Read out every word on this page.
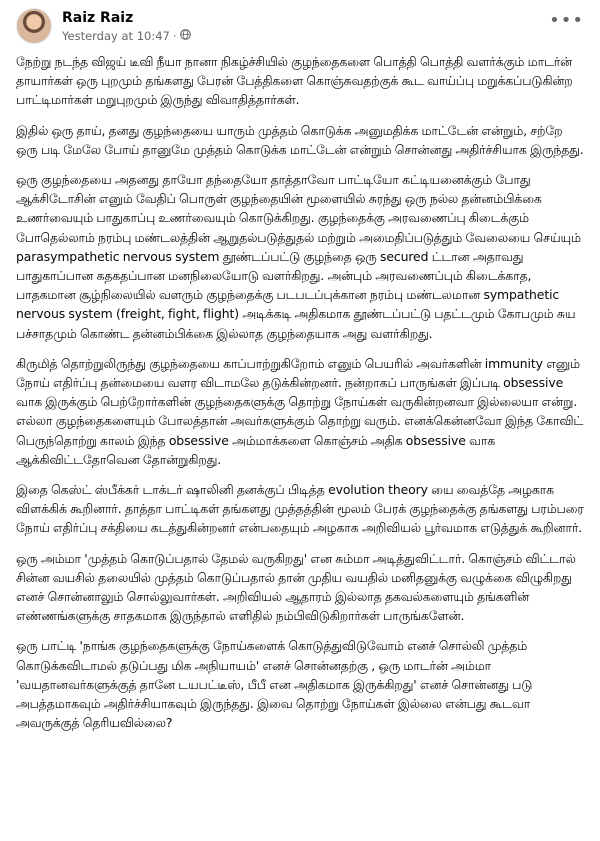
Raiz Raiz
Yesterday at 10:47 ·
•••

நேற்று நடந்த விஜய் டீவி நீயா நானா நிகழ்ச்சியில் குழந்தைகளை பொத்தி பொத்தி வளர்க்கும் மாடர்ன் தாயார்கள் ஒரு புறமும் தங்களது பேரன் பேத்திகளை கொஞ்சுவதற்குக் கூட வாய்ப்பு மறுக்கப்படுகின்ற பாட்டிமார்கள் மறுபுறமும் இருந்து விவாதித்தார்கள்.

இதில் ஒரு தாய், தனது குழந்தையை யாரும் முத்தம் கொடுக்க அனுமதிக்க மாட்டேன் என்றும், சற்றே ஒரு படி மேலே போய் தானுமே முத்தம் கொடுக்க மாட்டேன் என்றும் சொன்னது அதிர்ச்சியாக இருந்தது.

ஒரு குழந்தையை அதனது தாயோ தந்தையோ தாத்தாவோ பாட்டியோ கட்டியனைக்கும் போது ஆக்சிடோசின் எனும் வேதிப் பொருள் குழந்தையின் மூளையில் சுரந்து ஒரு நல்ல தன்னம்பிக்கை உணர்வையும் பாதுகாப்பு உணர்வையும் கொடுக்கிறது. குழந்தைக்கு அரவணைப்பு கிடைக்கும் போதெல்லாம் நரம்பு மண்டலத்தின் ஆறுதல்படுத்துதல் மற்றும் அமைதிப்படுத்தும் வேலையை செய்யும் parasympathetic nervous system தூண்டப்பட்டு குழந்தை ஒரு secured ட்டான அதாவது பாதுகாப்பான கதகதப்பான மனநிலையோடு வளர்கிறது. அன்பும் அரவணைப்பும் கிடைக்காத, பாதகமான சூழ்நிலையில் வளரும் குழந்தைக்கு படபடப்புக்கான நரம்பு மண்டலமான sympathetic nervous system (freight, fight, flight) அடிக்கடி அதிகமாக தூண்டப்பட்டு பதட்டமும் கோபமும் சுய பச்சாதமும் கொண்ட தன்னம்பிக்கை இல்லாத குழந்தையாக அது வளர்கிறது.

கிருமித் தொற்றுலிருந்து குழந்தையை காப்பாற்றுகிறோம் எனும் பெயரில் அவர்களின் immunity எனும் நோய் எதிர்ப்பு தன்மையை வளர விடாமலே தடுக்கின்றனர். நன்றாகப் பாருங்கள் இப்படி obsessive வாக இருக்கும் பெற்றோர்களின் குழந்தைகளுக்கு தொற்று நோய்கள் வருகின்றனவா இல்லையா என்று. எல்லா குழந்தைகளையும் போலத்தான் அவர்களுக்கும் தொற்று வரும். எனக்கென்னவோ இந்த கோவிட் பெருந்தொற்று காலம் இந்த obsessive அம்மாக்களை கொஞ்சம் அதிக obsessive வாக ஆக்கிவிட்டதோவென தோன்றுகிறது.

இதை கெஸ்ட் ஸ்பீக்கர் டாக்டர் ஷாலினி தனக்குப் பிடித்த evolution theory யை வைத்தே அழகாக விளக்கிக் கூறினார். தாத்தா பாட்டிகள் தங்களது முத்தத்தின் மூலம் பேரக் குழந்தைக்கு தங்களது பரம்பரை நோய் எதிர்ப்பு சக்தியை கடத்துகின்றனர் என்பதையும் அழகாக அறிவியல் பூர்வமாக எடுத்துக் கூறினார்.

ஒரு அம்மா 'முத்தம் கொடுப்பதால் தேமல் வருகிறது' என சும்மா அடித்துவிட்டார். கொஞ்சம் விட்டால் சின்ன வயசில் தலையில் முத்தம் கொடுப்பதால் தான் முதிய வயதில் மனிதனுக்கு வழுக்கை விழுகிறது எனச் சொன்னாலும் சொல்லுவார்கள். அறிவியல் ஆதாரம் இல்லாத தகவல்களையும் தங்களின் எண்ணங்களுக்கு சாதகமாக இருந்தால் எளிதில் நம்பிவிடுகிறார்கள் பாருங்களேன்.

ஒரு பாட்டி 'நாங்க குழந்தைகளுக்கு நோய்களைக் கொடுத்துவிடுவோம் எனச் சொல்லி முத்தம் கொடுக்கவிடாமல் தடுப்பது மிக அநியாயம்' எனச் சொன்னதற்கு , ஒரு மாடர்ன் அம்மா 'வயதானவர்களுக்குத் தானே டயபட்டீஸ், பீபீ என அதிகமாக இருக்கிறது' எனச் சொன்னது படு அபத்தமாகவும் அதிர்ச்சியாகவும் இருந்தது. இவை தொற்று நோய்கள் இல்லை என்பது கூடவா அவருக்குத் தெரியவில்லை?
